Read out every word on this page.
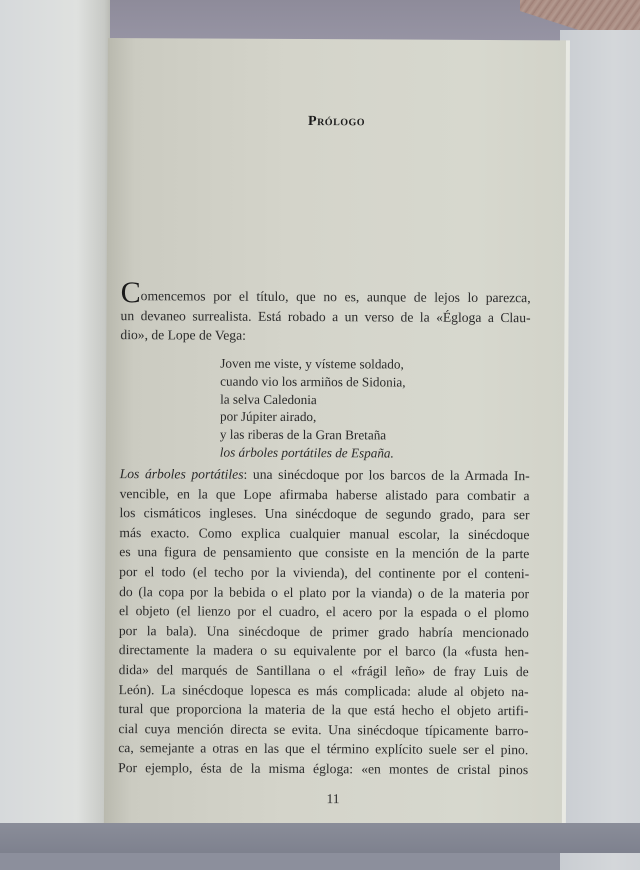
Prólogo
Comencemos por el título, que no es, aunque de lejos lo parezca,
un devaneo surrealista. Está robado a un verso de la «Égloga a Clau-
dio», de Lope de Vega:
Joven me viste, y vísteme soldado,
cuando vio los armiños de Sidonia,
la selva Caledonia
por Júpiter airado,
y las riberas de la Gran Bretaña
los árboles portátiles de España.
Los árboles portátiles: una sinécdoque por los barcos de la Armada In-
vencible, en la que Lope afirmaba haberse alistado para combatir a
los cismáticos ingleses. Una sinécdoque de segundo grado, para ser
más exacto. Como explica cualquier manual escolar, la sinécdoque
es una figura de pensamiento que consiste en la mención de la parte
por el todo (el techo por la vivienda), del continente por el conteni-
do (la copa por la bebida o el plato por la vianda) o de la materia por
el objeto (el lienzo por el cuadro, el acero por la espada o el plomo
por la bala). Una sinécdoque de primer grado habría mencionado
directamente la madera o su equivalente por el barco (la «fusta hen-
dida» del marqués de Santillana o el «frágil leño» de fray Luis de
León). La sinécdoque lopesca es más complicada: alude al objeto na-
tural que proporciona la materia de la que está hecho el objeto artifi-
cial cuya mención directa se evita. Una sinécdoque típicamente barro-
ca, semejante a otras en las que el término explícito suele ser el pino.
Por ejemplo, ésta de la misma égloga: «en montes de cristal pinos
11
